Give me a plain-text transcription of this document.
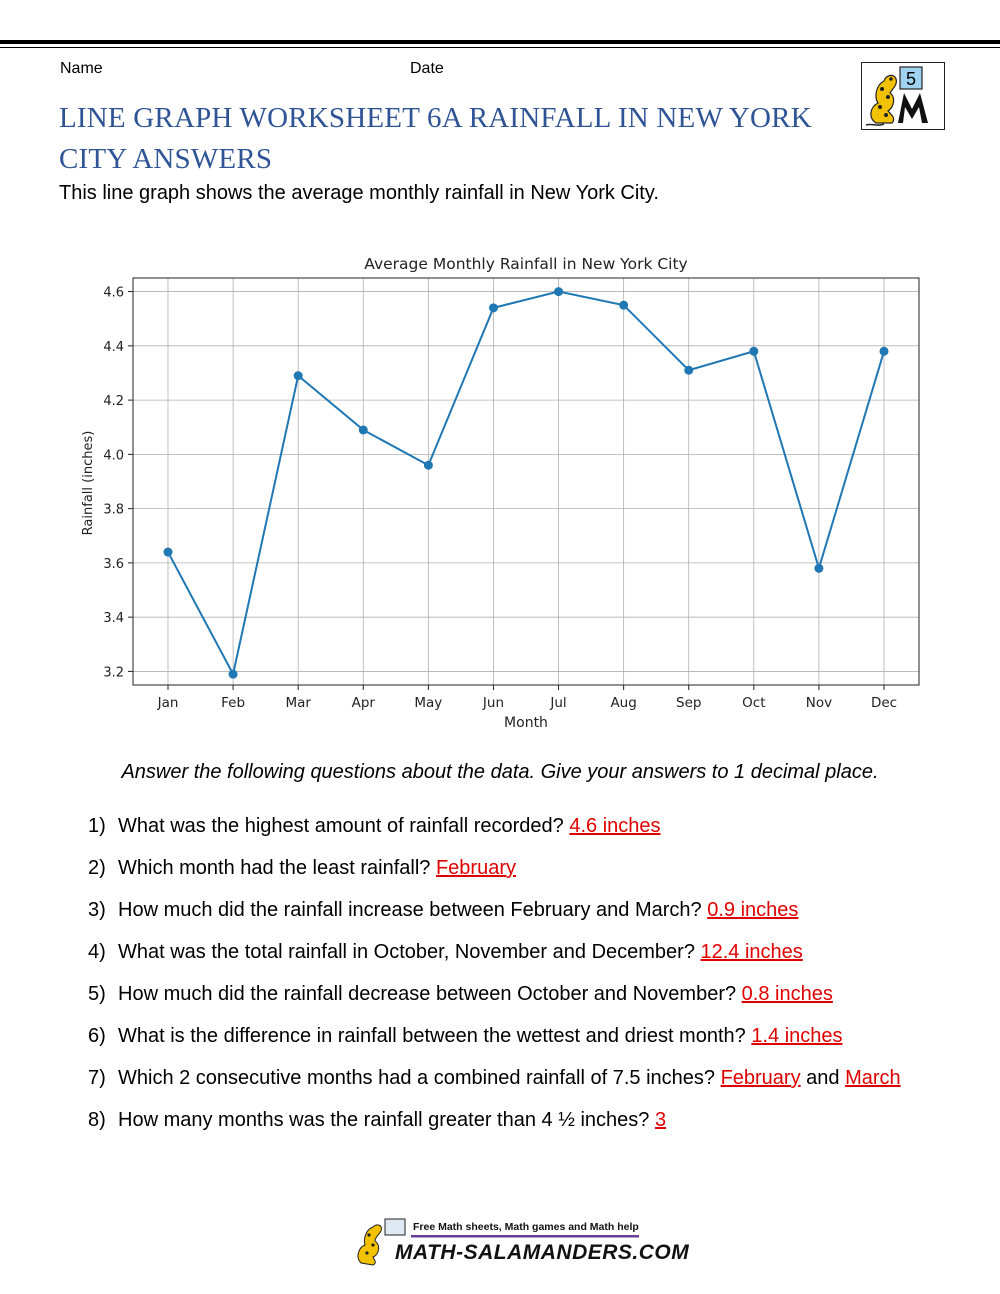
Name	Date
5
LINE GRAPH WORKSHEET 6A RAINFALL IN NEW YORK CITY ANSWERS
This line graph shows the average monthly rainfall in New York City.
Average Monthly Rainfall in New York City
Jan	Feb	Mar	Apr	May	Jun	Jul	Aug	Sep	Oct	Nov	Dec
3.2
3.4
3.6
3.8
4.0
4.2
4.4
4.6
Month
Rainfall (inches)
Answer the following questions about the data. Give your answers to 1 decimal place.
1) What was the highest amount of rainfall recorded? 4.6 inches
2) Which month had the least rainfall? February
3) How much did the rainfall increase between February and March? 0.9 inches
4) What was the total rainfall in October, November and December? 12.4 inches
5) How much did the rainfall decrease between October and November? 0.8 inches
6) What is the difference in rainfall between the wettest and driest month? 1.4 inches
7) Which 2 consecutive months had a combined rainfall of 7.5 inches? February and March
8) How many months was the rainfall greater than 4 ½ inches? 3
Free Math sheets, Math games and Math help
MATH-SALAMANDERS.COM
